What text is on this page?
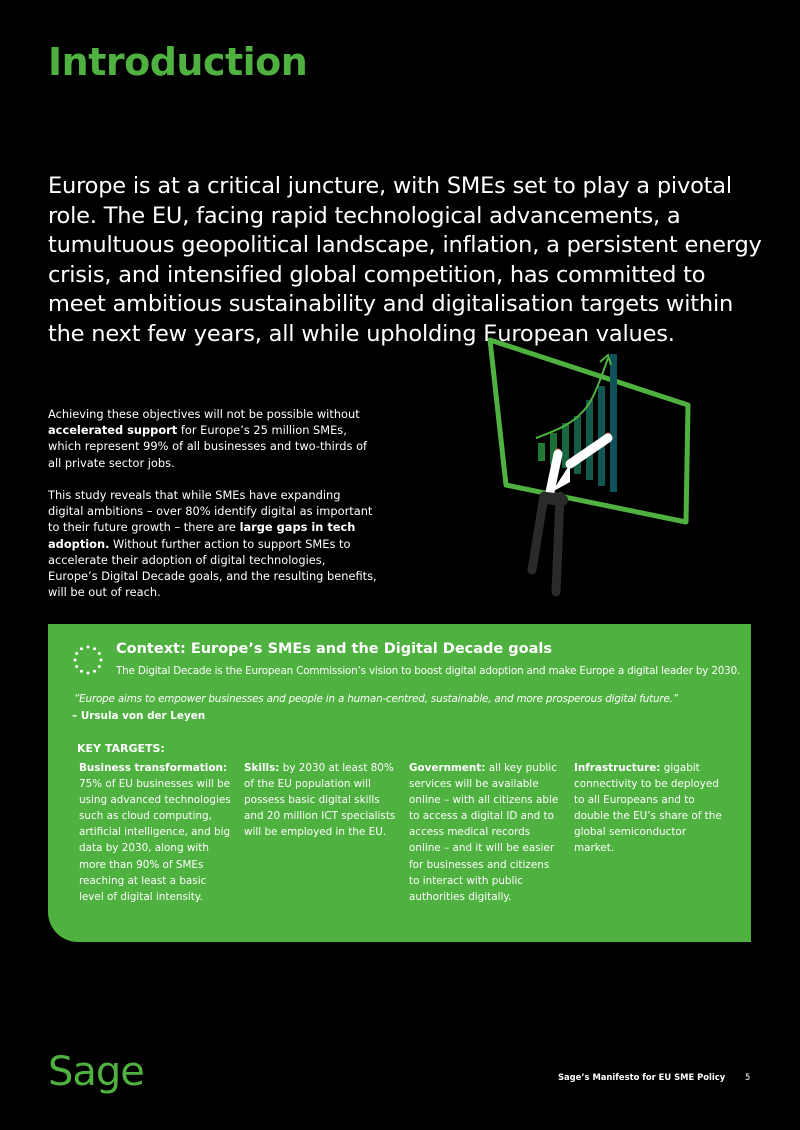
Introduction

Europe is at a critical juncture, with SMEs set to play a pivotal role. The EU, facing rapid technological advancements, a tumultuous geopolitical landscape, inflation, a persistent energy crisis, and intensified global competition, has committed to meet ambitious sustainability and digitalisation targets within the next few years, all while upholding European values.

Achieving these objectives will not be possible without accelerated support for Europe’s 25 million SMEs, which represent 99% of all businesses and two-thirds of all private sector jobs.

This study reveals that while SMEs have expanding digital ambitions – over 80% identify digital as important to their future growth – there are large gaps in tech adoption. Without further action to support SMEs to accelerate their adoption of digital technologies, Europe’s Digital Decade goals, and the resulting benefits, will be out of reach.

Context: Europe’s SMEs and the Digital Decade goals

The Digital Decade is the European Commission’s vision to boost digital adoption and make Europe a digital leader by 2030.

“Europe aims to empower businesses and people in a human-centred, sustainable, and more prosperous digital future.”

– Ursula von der Leyen

KEY TARGETS:

Business transformation: 75% of EU businesses will be using advanced technologies such as cloud computing, artificial intelligence, and big data by 2030, along with more than 90% of SMEs reaching at least a basic level of digital intensity.

Skills: by 2030 at least 80% of the EU population will possess basic digital skills and 20 million ICT specialists will be employed in the EU.

Government: all key public services will be available online – with all citizens able to access a digital ID and to access medical records online – and it will be easier for businesses and citizens to interact with public authorities digitally.

Infrastructure: gigabit connectivity to be deployed to all Europeans and to double the EU’s share of the global semiconductor market.

Sage	Sage’s Manifesto for EU SME Policy 5
